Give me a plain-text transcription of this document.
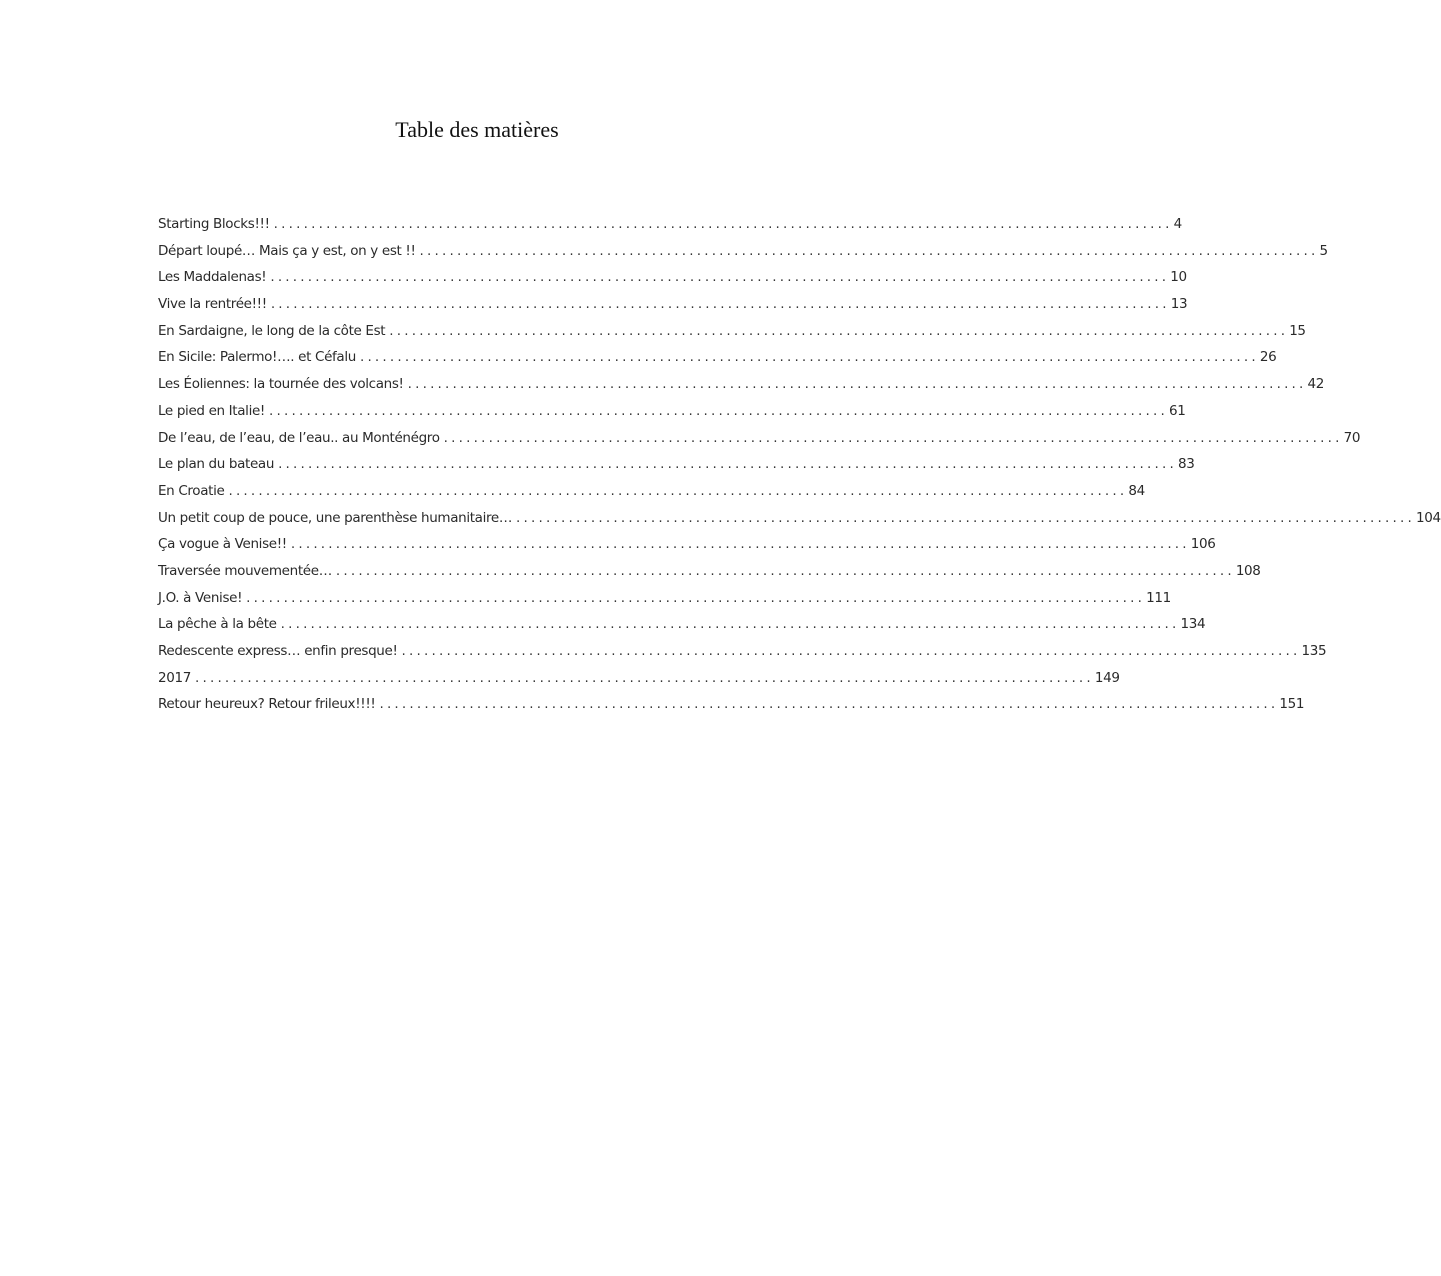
Table des matières
Starting Blocks!!! ........................................................................................................................ 4
Départ loupé… Mais ça y est, on y est !! ........................................................................................................................ 5
Les Maddalenas! ........................................................................................................................ 10
Vive la rentrée!!! ........................................................................................................................ 13
En Sardaigne, le long de la côte Est ........................................................................................................................ 15
En Sicile: Palermo!…. et Céfalu ........................................................................................................................ 26
Les Éoliennes: la tournée des volcans! ........................................................................................................................ 42
Le pied en Italie! ........................................................................................................................ 61
De l’eau, de l’eau, de l’eau.. au Monténégro ........................................................................................................................ 70
Le plan du bateau ........................................................................................................................ 83
En Croatie ........................................................................................................................ 84
Un petit coup de pouce, une parenthèse humanitaire… ........................................................................................................................ 104
Ça vogue à Venise!! ........................................................................................................................ 106
Traversée mouvementée… ........................................................................................................................ 108
J.O. à Venise! ........................................................................................................................ 111
La pêche à la bête ........................................................................................................................ 134
Redescente express… enfin presque! ........................................................................................................................ 135
2017 ........................................................................................................................ 149
Retour heureux? Retour frileux!!!! ........................................................................................................................ 151
